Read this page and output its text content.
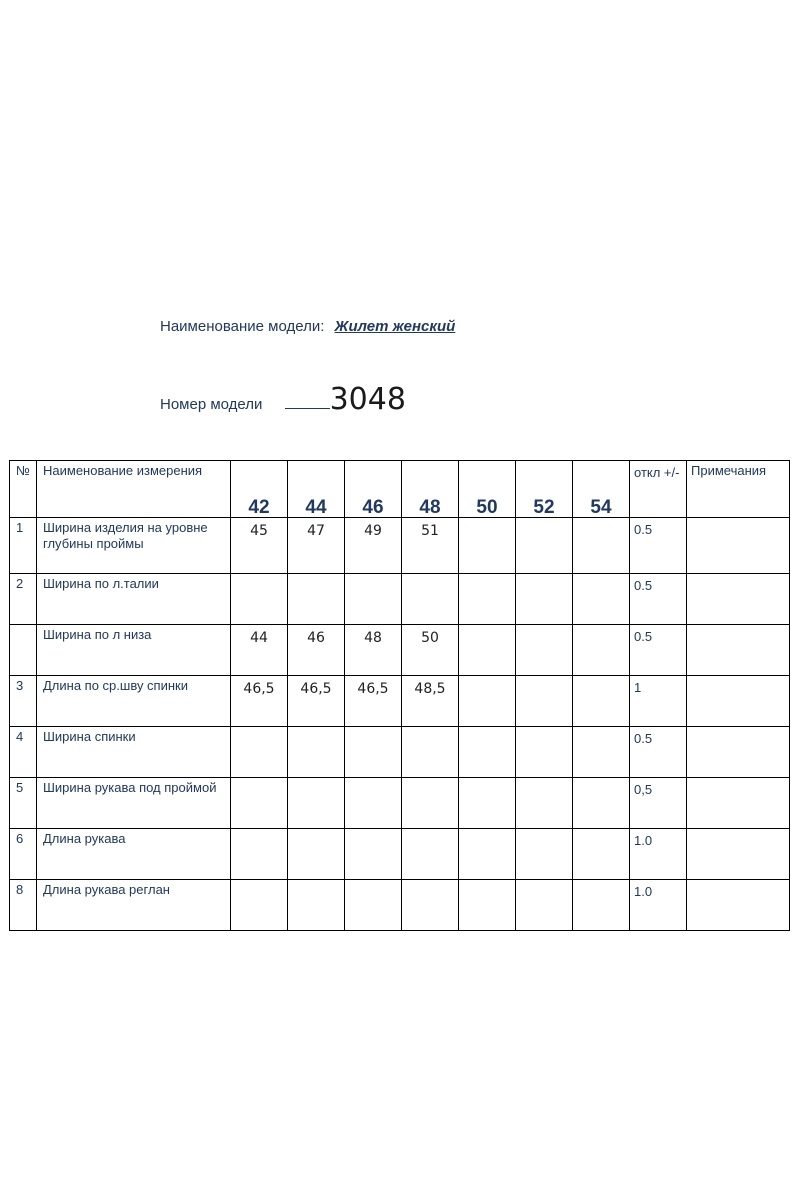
Наименование модели: Жилет женский
Номер модели 3048
№	Наименование измерения	42	44	46	48	50	52	54	откл +/-	Примечания
1	Ширина изделия на уровне глубины проймы	45	47	49	51				0.5	
2	Ширина по л.талии								0.5	
	Ширина по л низа	44	46	48	50				0.5	
3	Длина по ср.шву спинки	46,5	46,5	46,5	48,5				1	
4	Ширина спинки								0.5	
5	Ширина рукава под проймой								0,5	
6	Длина рукава								1.0	
8	Длина рукава реглан								1.0	
